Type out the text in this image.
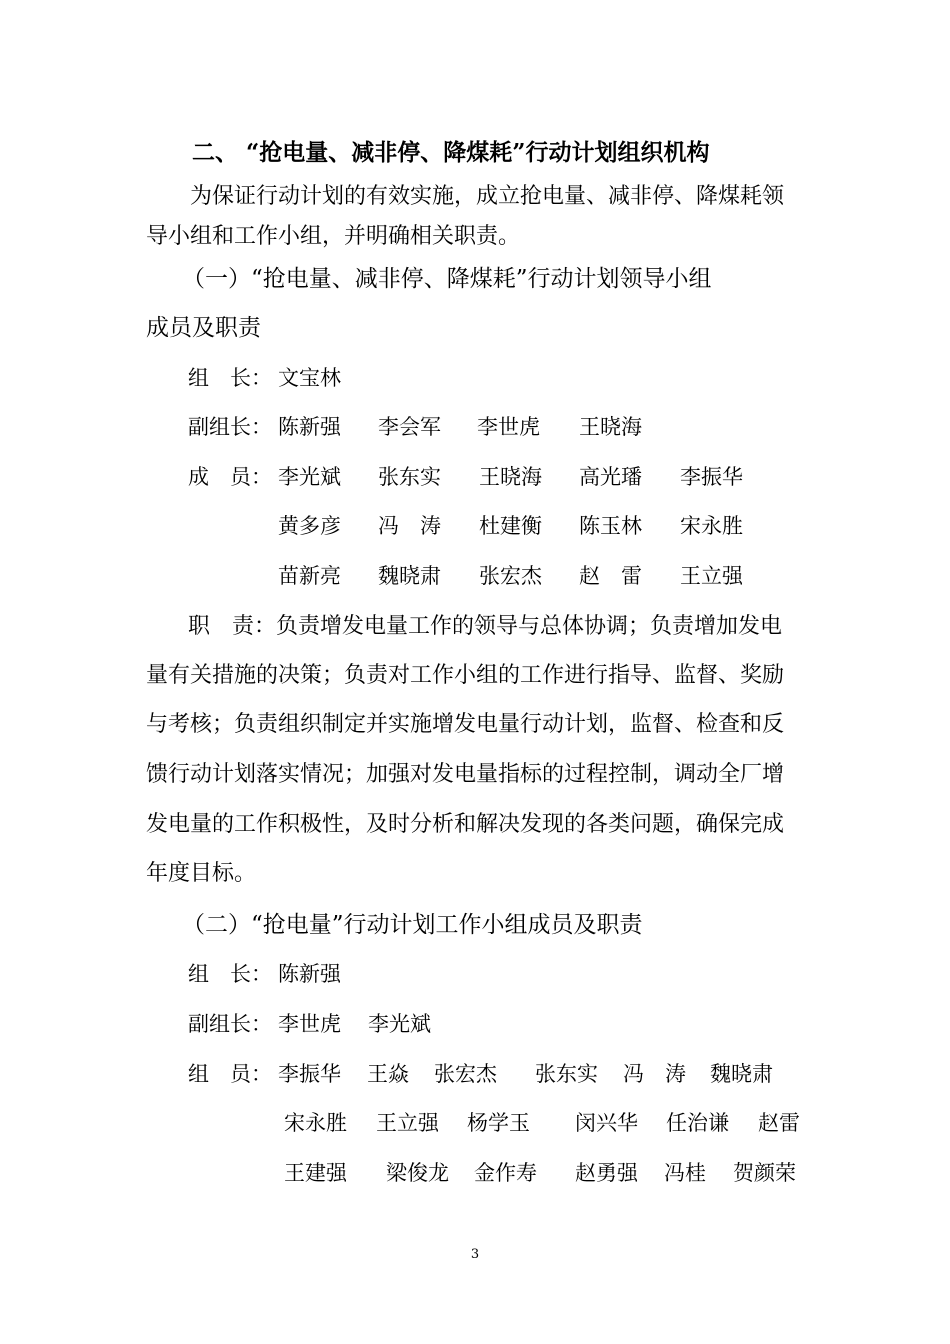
二、 “抢电量、减非停、降煤耗”行动计划组织机构
为保证行动计划的有效实施，成立抢电量、减非停、降煤耗领
导小组和工作小组，并明确相关职责。
（一）“抢电量、减非停、降煤耗”行动计划领导小组
成员及职责
组　长： 文宝林
副组长： 陈新强 李会军 李世虎 王晓海
成　员： 李光斌 张东实 王晓海 高光璠 李振华
黄多彦 冯　涛 杜建衡 陈玉林 宋永胜
苗新亮 魏晓肃 张宏杰 赵　雷 王立强
职　责：负责增发电量工作的领导与总体协调；负责增加发电
量有关措施的决策；负责对工作小组的工作进行指导、监督、奖励
与考核；负责组织制定并实施增发电量行动计划，监督、检查和反
馈行动计划落实情况；加强对发电量指标的过程控制，调动全厂增
发电量的工作积极性，及时分析和解决发现的各类问题，确保完成
年度目标。
（二）“抢电量”行动计划工作小组成员及职责
组　长： 陈新强
副组长： 李世虎 李光斌
组　员： 李振华 王焱 张宏杰 张东实 冯　涛 魏晓肃
宋永胜 王立强 杨学玉 闵兴华 任治谦 赵雷
王建强 梁俊龙 金作寿 赵勇强 冯桂 贺颜荣
3
